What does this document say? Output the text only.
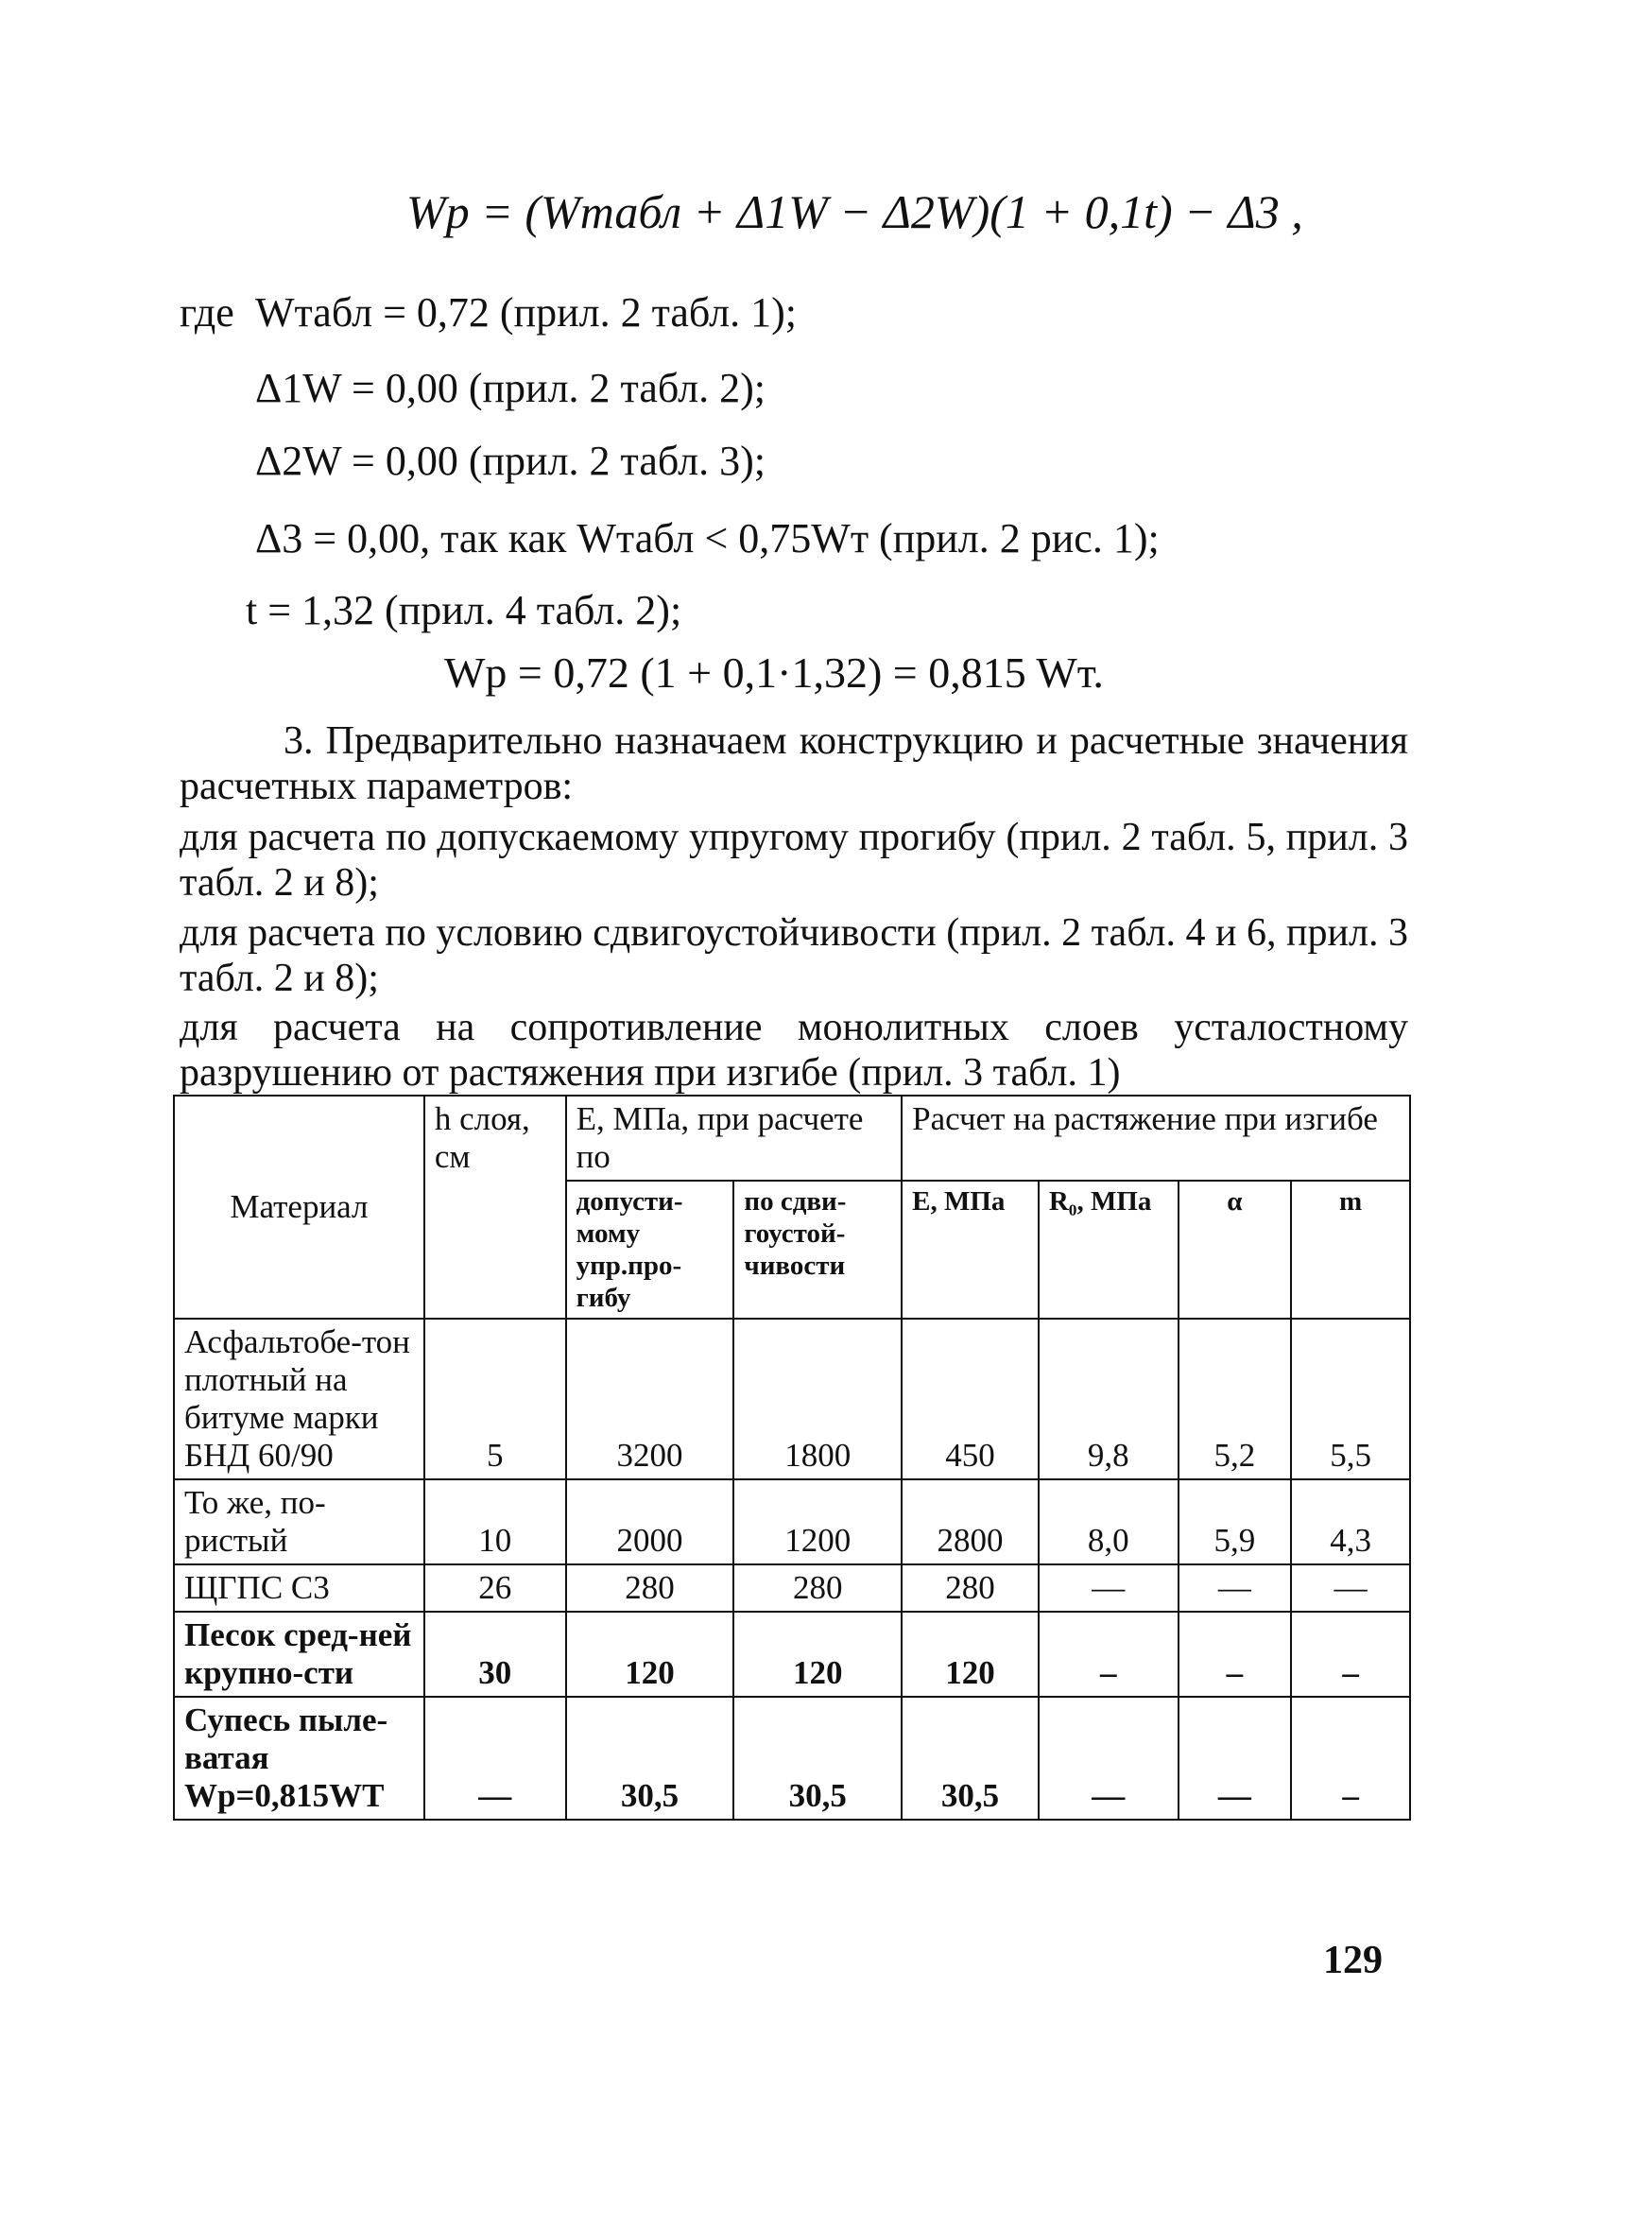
Wp = (Wтабл + Δ1W − Δ2W)(1 + 0,1t) − Δ3 ,
где Wтабл = 0,72 (прил. 2 табл. 1);
Δ1W = 0,00 (прил. 2 табл. 2);
Δ2W = 0,00 (прил. 2 табл. 3);
Δ3 = 0,00, так как Wтабл < 0,75Wт (прил. 2 рис. 1);
t = 1,32 (прил. 4 табл. 2);
Wp = 0,72 (1 + 0,1·1,32) = 0,815 Wт.
3. Предварительно назначаем конструкцию и расчетные значения расчетных параметров:
для расчета по допускаемому упругому прогибу (прил. 2 табл. 5, прил. 3 табл. 2 и 8);
для расчета по условию сдвигоустойчивости (прил. 2 табл. 4 и 6, прил. 3 табл. 2 и 8);
для расчета на сопротивление монолитных слоев усталостному разрушению от растяжения при изгибе (прил. 3 табл. 1)
Материал	h слоя, см	E, МПа, при расчете по		Расчет на растяжение при изгибе			
		допусти-мому упр.про-гибу	по сдви-гоустой-чивости	E, МПа	R₀, МПа	α	m
Асфальтобе-тон плотный на битуме марки БНД 60/90	5	3200	1800	450	9,8	5,2	5,5
То же, по-ристый	10	2000	1200	2800	8,0	5,9	4,3
ЩГПС С3	26	280	280	280	—	—	—
Песок сред-ней крупно-сти	30	120	120	120	–	–	–
Супесь пыле-ватая Wp=0,815WT	—	30,5	30,5	30,5	—	—	–
129
